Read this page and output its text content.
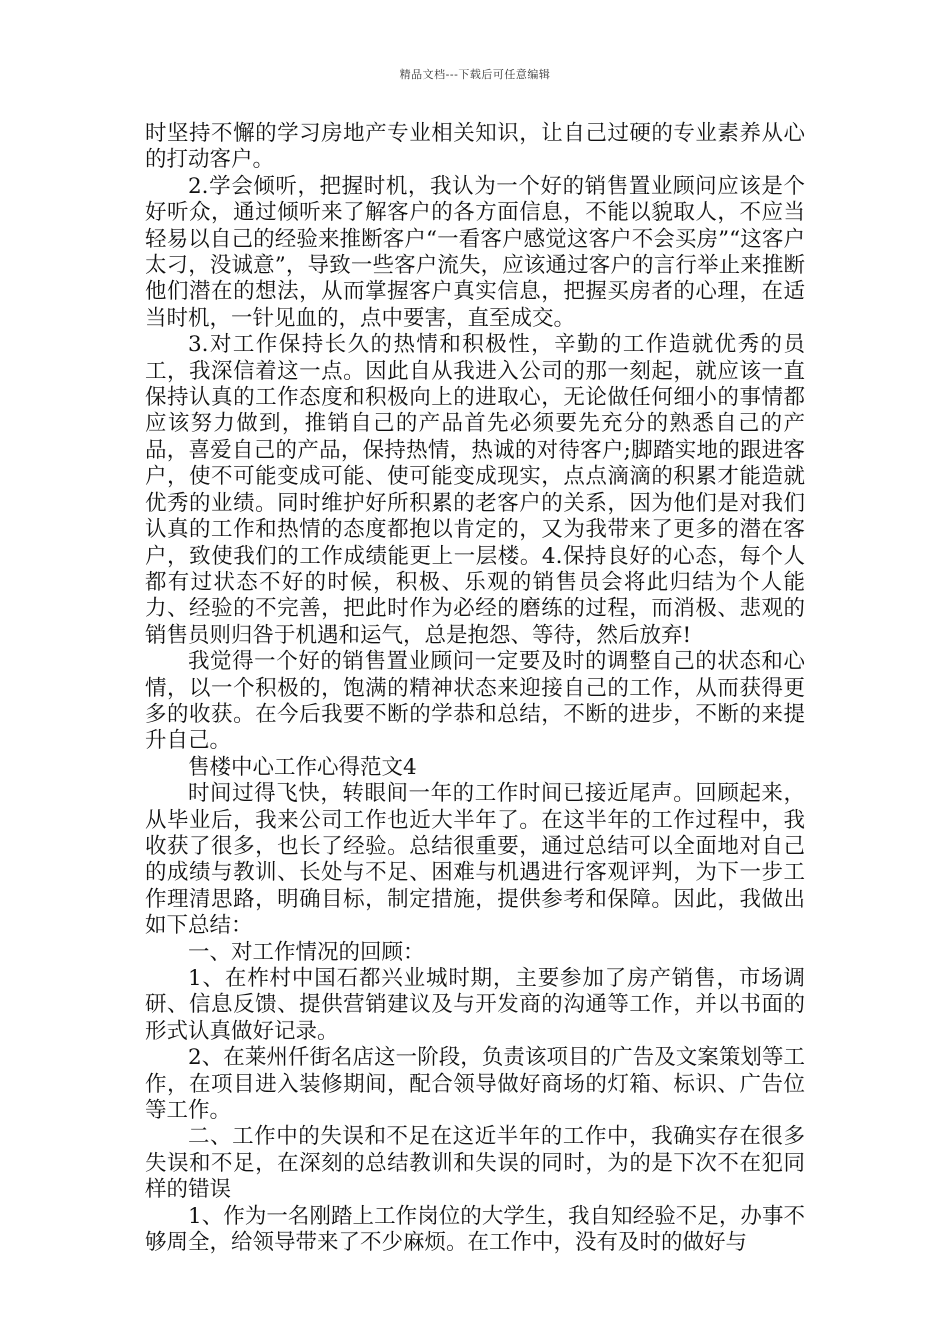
精品文档---下载后可任意编辑

时坚持不懈的学习房地产专业相关知识，让自己过硬的专业素养从心的打动客户。

2.学会倾听，把握时机，我认为一个好的销售置业顾问应该是个好听众，通过倾听来了解客户的各方面信息，不能以貌取人，不应当轻易以自己的经验来推断客户“一看客户感觉这客户不会买房”“这客户太刁，没诚意”，导致一些客户流失，应该通过客户的言行举止来推断他们潜在的想法，从而掌握客户真实信息，把握买房者的心理，在适当时机，一针见血的，点中要害，直至成交。

3.对工作保持长久的热情和积极性，辛勤的工作造就优秀的员工，我深信着这一点。因此自从我进入公司的那一刻起，就应该一直保持认真的工作态度和积极向上的进取心，无论做任何细小的事情都应该努力做到，推销自己的产品首先必须要先充分的熟悉自己的产品，喜爱自己的产品，保持热情，热诚的对待客户;脚踏实地的跟进客户，使不可能变成可能、使可能变成现实，点点滴滴的积累才能造就优秀的业绩。同时维护好所积累的老客户的关系，因为他们是对我们认真的工作和热情的态度都抱以肯定的，又为我带来了更多的潜在客户，致使我们的工作成绩能更上一层楼。4.保持良好的心态，每个人都有过状态不好的时候，积极、乐观的销售员会将此归结为个人能力、经验的不完善，把此时作为必经的磨练的过程，而消极、悲观的销售员则归咎于机遇和运气，总是抱怨、等待，然后放弃!

我觉得一个好的销售置业顾问一定要及时的调整自己的状态和心情，以一个积极的，饱满的精神状态来迎接自己的工作，从而获得更多的收获。在今后我要不断的学恭和总结，不断的进步，不断的来提升自己。

售楼中心工作心得范文4

时间过得飞快，转眼间一年的工作时间已接近尾声。回顾起来，从毕业后，我来公司工作也近大半年了。在这半年的工作过程中，我收获了很多，也长了经验。总结很重要，通过总结可以全面地对自己的成绩与教训、长处与不足、困难与机遇进行客观评判，为下一步工作理清思路，明确目标，制定措施，提供参考和保障。因此，我做出如下总结：

一、对工作情况的回顾：

1、在柞村中国石都兴业城时期，主要参加了房产销售，市场调研、信息反馈、提供营销建议及与开发商的沟通等工作，并以书面的形式认真做好记录。

2、在莱州仟街名店这一阶段，负责该项目的广告及文案策划等工作，在项目进入装修期间，配合领导做好商场的灯箱、标识、广告位等工作。

二、工作中的失误和不足在这近半年的工作中，我确实存在很多失误和不足，在深刻的总结教训和失误的同时，为的是下次不在犯同样的错误

1、作为一名刚踏上工作岗位的大学生，我自知经验不足，办事不够周全，给领导带来了不少麻烦。在工作中，没有及时的做好与
